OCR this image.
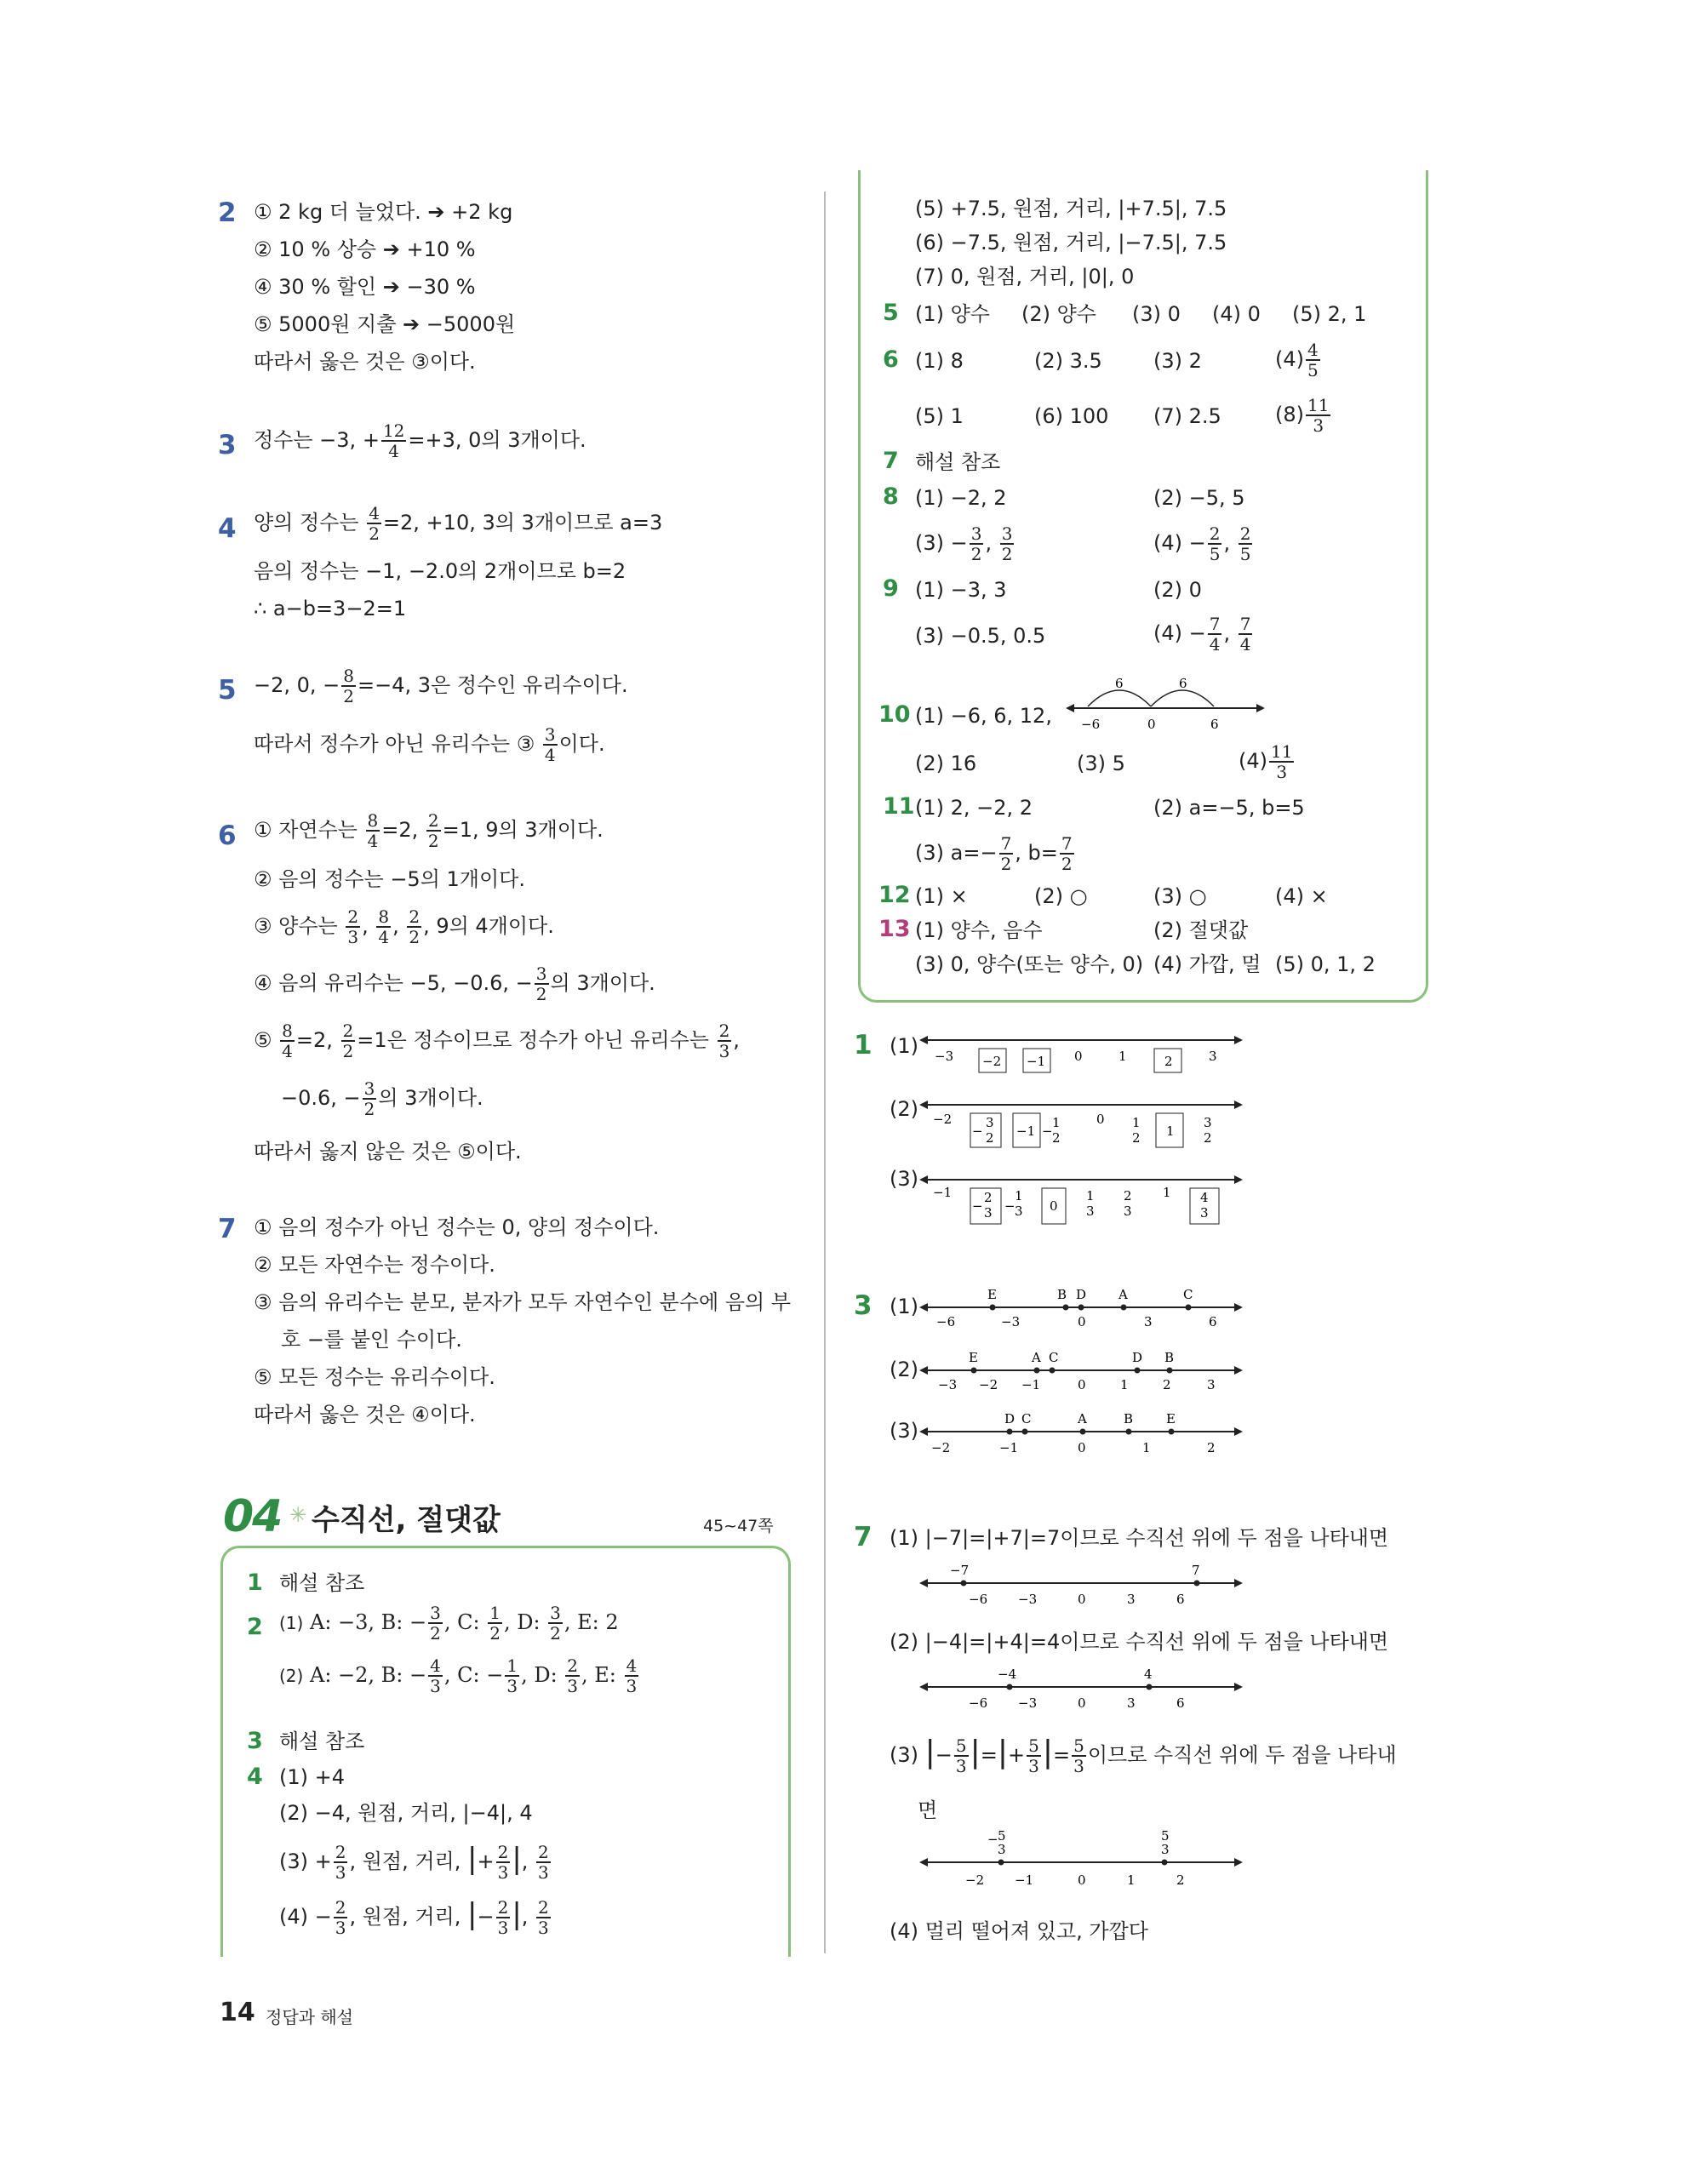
2 ① 2 kg 더 늘었다. ➔ +2 kg
② 10 % 상승 ➔ +10 %
④ 30 % 할인 ➔ −30 %
⑤ 5000원 지출 ➔ −5000원
따라서 옳은 것은 ③이다.
3 정수는 −3, + $\frac{12}{4} =+3$, 0의 3개이다.
4 양의 정수는 $\frac{4}{2} =2$, +10, 3의 3개이므로 a=3
음의 정수는 −1, −2.0의 2개이므로 b=2
∴ a−b=3−2=1
5 −2, 0, − $\frac{8}{2} =-4$, 3은 정수인 유리수이다.
따라서 정수가 아닌 유리수는 ③ $\frac{3}{4}$ 이다.
6 ① 자연수는 $\frac{8}{4} =2$, $\frac{2}{2} =1$, 9의 3개이다.
② 음의 정수는 −5의 1개이다.
③ 양수는 $\frac{2}{3}$ , $\frac{8}{4}$ , $\frac{2}{2}$ , 9의 4개이다.
④ 음의 유리수는 −5, −0.6, − $\frac{3}{2}$ 의 3개이다.
⑤ $\frac{8}{4} =2$, $\frac{2}{2} =1$은 정수이므로 정수가 아닌 유리수는 $\frac{2}{3}$ ,
−0.6, − $\frac{3}{2}$ 의 3개이다.
따라서 옳지 않은 것은 ⑤이다.
7 ① 음의 정수가 아닌 정수는 0, 양의 정수이다.
② 모든 자연수는 정수이다.
③ 음의 유리수는 분모, 분자가 모두 자연수인 분수에 음의 부
호 −를 붙인 수이다.
⑤ 모든 정수는 유리수이다.
따라서 옳은 것은 ④이다.
04 ✳ 수직선, 절댓값	45~47쪽
1 해설 참조
2 (1) A: −3, B: − $\frac{3}{2}$ , C: $\frac{1}{2}$ , D: $\frac{3}{2}$ , E: 2
(2) A: −2, B: − $\frac{4}{3}$ , C: − $\frac{1}{3}$ , D: $\frac{2}{3}$ , E: $\frac{4}{3}$
3 해설 참조
4 (1) +4
(2) −4, 원점, 거리, |−4|, 4
$(3) + \frac{2}{3}$ , 원점, 거리, |+ $\frac{2}{3}$ |, $\frac{2}{3}$
$(4) - \frac{2}{3}$ , 원점, 거리, |− $\frac{2}{3}$ |, $\frac{2}{3}$
(5) +7.5, 원점, 거리, |+7.5|, 7.5
(6) −7.5, 원점, 거리, |−7.5|, 7.5
(7) 0, 원점, 거리, |0|, 0
5 (1) 양수 (2) 양수 (3) 0 (4) 0 (5) 2, 1
6 (1) 8	(2) 3.5	(3) 2	$(4) \frac{4}{5}$
(5) 1	(6) 100 (7) 2.5	$(8) \frac{11}{3}$
7 해설 참조
8 (1) −2, 2	(2) −5, 5
$(3) - \frac{3}{2}$ , $\frac{3}{2}$	$(4) - \frac{2}{5}$ , $\frac{2}{5}$
9 (1) −3, 3	(2) 0
(3) −0.5, 0.5	$(4) - \frac{7}{4}$ , $\frac{7}{4}$
10 (1) −6, 6, 12,
6	6
−6	0	6
(2) 16	(3) 5	$(4) \frac{11}{3}$
11 (1) 2, −2, 2	(2) a=−5, b=5
(3) $a=- \frac{7}{2}$ , $b= \frac{7}{2}$
12 (1) ×	(2) ○	(3) ○	(4) ×
13 (1) 양수, 음수	(2) 절댓값
(3) 0, 양수(또는 양수, 0) (4) 가깝, 멀 (5) 0, 1, 2
1 (1)
(2)
(3)
−3 −2 −1 0	1	2	3
−2
−
3
2 −1 −
1
2
0 1
2 1
3
2
−1
−
2
3 −
1
3 0
1
3
2
3
1 4
3
3 (1)
(2)
(3)
E	B D	A	C
−6	−3	0	3	6
E	A C	D B
−3 −2 −1	0	1	2	3
D C	A	B	E
−2	−1	0	1	2
7 (1) |−7|=|+7|=7이므로 수직선 위에 두 점을 나타내면
−7	7
−6 −3	0	3	6
(2) |−4|=|+4|=4이므로 수직선 위에 두 점을 나타내면
−4	4
−6 −3	0	3	6
(3) |− $\frac{5}{3}$ |=|+ $\frac{5}{3}$ |= $\frac{5}{3}$ 이므로 수직선 위에 두 점을 나타내
면
− 5
3
5
3
−2 −1	0	1	2
(4) 멀리 떨어져 있고, 가깝다
14 정답과 해설
